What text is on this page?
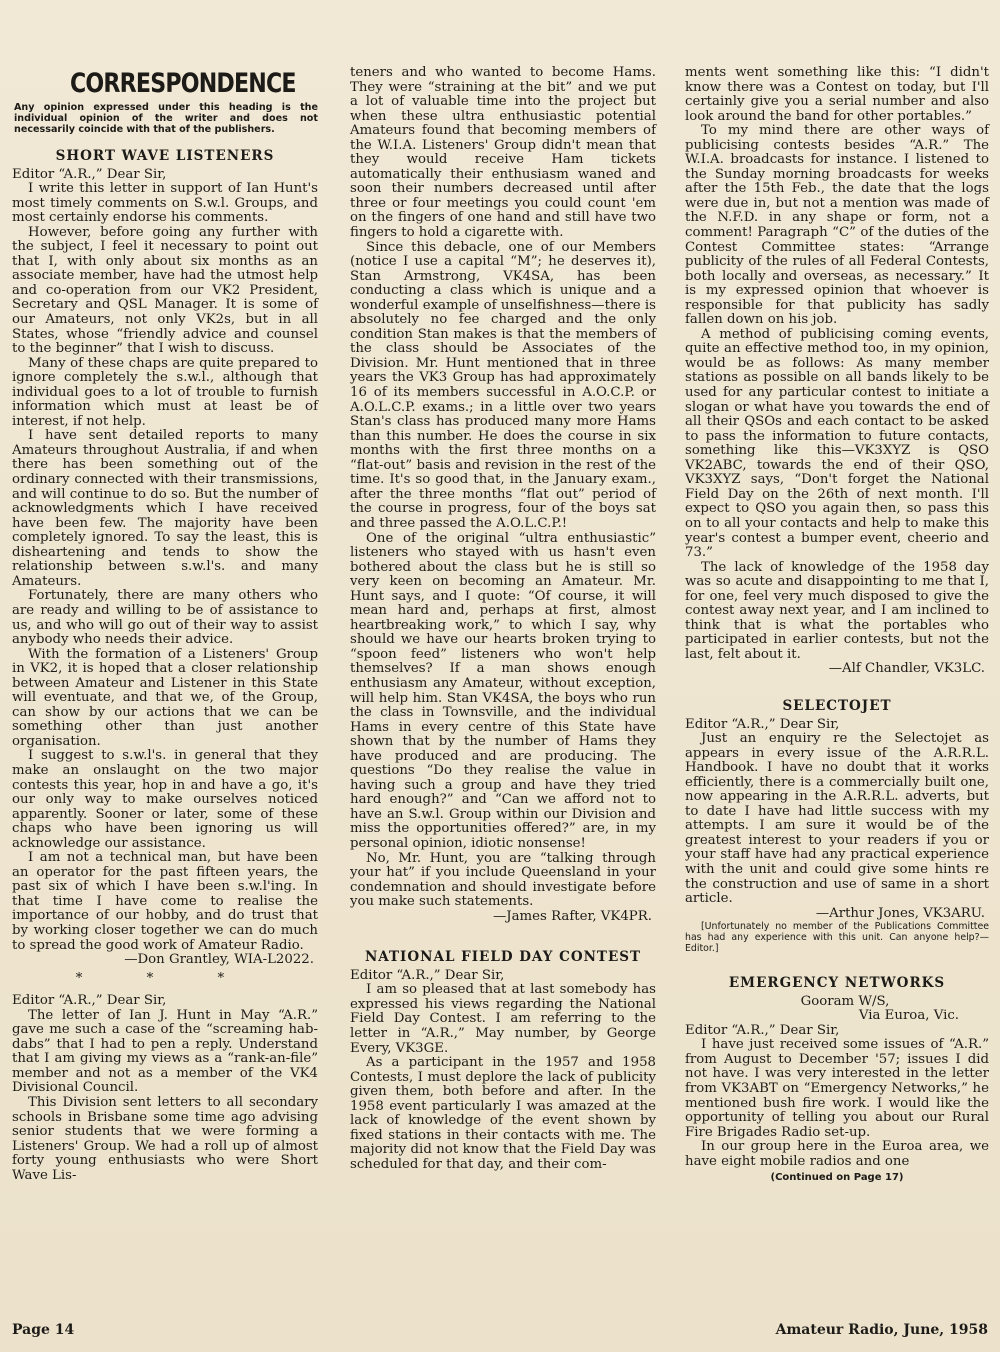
CORRESPONDENCE
Any opinion expressed under this heading is the individual opinion of the writer and does not necessarily coincide with that of the publishers.
SHORT WAVE LISTENERS

Editor “A.R.,” Dear Sir,

I write this letter in support of Ian Hunt's most timely comments on S.w.l. Groups, and most certainly endorse his comments.

However, before going any further with the subject, I feel it necessary to point out that I, with only about six months as an associate member, have had the utmost help and co-operation from our VK2 President, Secretary and QSL Manager. It is some of our Amateurs, not only VK2s, but in all States, whose “friendly advice and counsel to the beginner” that I wish to discuss.

Many of these chaps are quite prepared to ignore completely the s.w.l., although that individual goes to a lot of trouble to furnish information which must at least be of interest, if not help.

I have sent detailed reports to many Amateurs throughout Australia, if and when there has been something out of the ordinary connected with their transmissions, and will continue to do so. But the number of acknowledgments which I have received have been few. The majority have been completely ignored. To say the least, this is disheartening and tends to show the relationship between s.w.l's. and many Amateurs.

Fortunately, there are many others who are ready and willing to be of assistance to us, and who will go out of their way to assist anybody who needs their advice.

With the formation of a Listeners' Group in VK2, it is hoped that a closer relationship between Amateur and Listener in this State will eventuate, and that we, of the Group, can show by our actions that we can be something other than just another organisation.

I suggest to s.w.l's. in general that they make an onslaught on the two major contests this year, hop in and have a go, it's our only way to make ourselves noticed apparently. Sooner or later, some of these chaps who have been ignoring us will acknowledge our assistance.

I am not a technical man, but have been an operator for the past fifteen years, the past six of which I have been s.w.l'ing. In that time I have come to realise the importance of our hobby, and do trust that by working closer together we can do much to spread the good work of Amateur Radio.

—Don Grantley, WIA-L2022.

* * *

Editor “A.R.,” Dear Sir,

The letter of Ian J. Hunt in May “A.R.” gave me such a case of the “screaming hab-dabs” that I had to pen a reply. Understand that I am giving my views as a “rank-an-file” member and not as a member of the VK4 Divisional Council.

This Division sent letters to all secondary schools in Brisbane some time ago advising senior students that we were forming a Listeners' Group. We had a roll up of almost forty young enthusiasts who were Short Wave Lis-

teners and who wanted to become Hams. They were “straining at the bit” and we put a lot of valuable time into the project but when these ultra enthusiastic potential Amateurs found that becoming members of the W.I.A. Listeners' Group didn't mean that they would receive Ham tickets automatically their enthusiasm waned and soon their numbers decreased until after three or four meetings you could count 'em on the fingers of one hand and still have two fingers to hold a cigarette with.

Since this debacle, one of our Members (notice I use a capital “M”; he deserves it), Stan Armstrong, VK4SA, has been conducting a class which is unique and a wonderful example of unselfishness—there is absolutely no fee charged and the only condition Stan makes is that the members of the class should be Associates of the Division. Mr. Hunt mentioned that in three years the VK3 Group has had approximately 16 of its members successful in A.O.C.P. or A.O.L.C.P. exams.; in a little over two years Stan's class has produced many more Hams than this number. He does the course in six months with the first three months on a “flat-out” basis and revision in the rest of the time. It's so good that, in the January exam., after the three months “flat out” period of the course in progress, four of the boys sat and three passed the A.O.L.C.P.!

One of the original “ultra enthusiastic” listeners who stayed with us hasn't even bothered about the class but he is still so very keen on becoming an Amateur. Mr. Hunt says, and I quote: “Of course, it will mean hard and, perhaps at first, almost heartbreaking work,” to which I say, why should we have our hearts broken trying to “spoon feed” listeners who won't help themselves? If a man shows enough enthusiasm any Amateur, without exception, will help him. Stan VK4SA, the boys who run the class in Townsville, and the individual Hams in every centre of this State have shown that by the number of Hams they have produced and are producing. The questions “Do they realise the value in having such a group and have they tried hard enough?” and “Can we afford not to have an S.w.l. Group within our Division and miss the opportunities offered?” are, in my personal opinion, idiotic nonsense!

No, Mr. Hunt, you are “talking through your hat” if you include Queensland in your condemnation and should investigate before you make such statements.

—James Rafter, VK4PR.

NATIONAL FIELD DAY CONTEST

Editor “A.R.,” Dear Sir,

I am so pleased that at last somebody has expressed his views regarding the National Field Day Contest. I am referring to the letter in “A.R.,” May number, by George Every, VK3GE.

As a participant in the 1957 and 1958 Contests, I must deplore the lack of publicity given them, both before and after. In the 1958 event particularly I was amazed at the lack of knowledge of the event shown by fixed stations in their contacts with me. The majority did not know that the Field Day was scheduled for that day, and their com-

ments went something like this: “I didn't know there was a Contest on today, but I'll certainly give you a serial number and also look around the band for other portables.”

To my mind there are other ways of publicising contests besides “A.R.” The W.I.A. broadcasts for instance. I listened to the Sunday morning broadcasts for weeks after the 15th Feb., the date that the logs were due in, but not a mention was made of the N.F.D. in any shape or form, not a comment! Paragraph “C” of the duties of the Contest Committee states: “Arrange publicity of the rules of all Federal Contests, both locally and overseas, as necessary.” It is my expressed opinion that whoever is responsible for that publicity has sadly fallen down on his job.

A method of publicising coming events, quite an effective method too, in my opinion, would be as follows: As many member stations as possible on all bands likely to be used for any particular contest to initiate a slogan or what have you towards the end of all their QSOs and each contact to be asked to pass the information to future contacts, something like this—VK3XYZ is QSO VK2ABC, towards the end of their QSO, VK3XYZ says, “Don't forget the National Field Day on the 26th of next month. I'll expect to QSO you again then, so pass this on to all your contacts and help to make this year's contest a bumper event, cheerio and 73.”

The lack of knowledge of the 1958 day was so acute and disappointing to me that I, for one, feel very much disposed to give the contest away next year, and I am inclined to think that is what the portables who participated in earlier contests, but not the last, felt about it.

—Alf Chandler, VK3LC.

SELECTOJET

Editor “A.R.,” Dear Sir,

Just an enquiry re the Selectojet as appears in every issue of the A.R.R.L. Handbook. I have no doubt that it works efficiently, there is a commercially built one, now appearing in the A.R.R.L. adverts, but to date I have had little success with my attempts. I am sure it would be of the greatest interest to your readers if you or your staff have had any practical experience with the unit and could give some hints re the construction and use of same in a short article.

—Arthur Jones, VK3ARU.

[Unfortunately no member of the Publications Committee has had any experience with this unit. Can anyone help?—Editor.]

EMERGENCY NETWORKS

Gooram W/S,

Via Euroa, Vic.

Editor “A.R.,” Dear Sir,

I have just received some issues of “A.R.” from August to December '57; issues I did not have. I was very interested in the letter from VK3ABT on “Emergency Networks,” he mentioned bush fire work. I would like the opportunity of telling you about our Rural Fire Brigades Radio set-up.

In our group here in the Euroa area, we have eight mobile radios and one

(Continued on Page 17)
Page 14	Amateur Radio, June, 1958
